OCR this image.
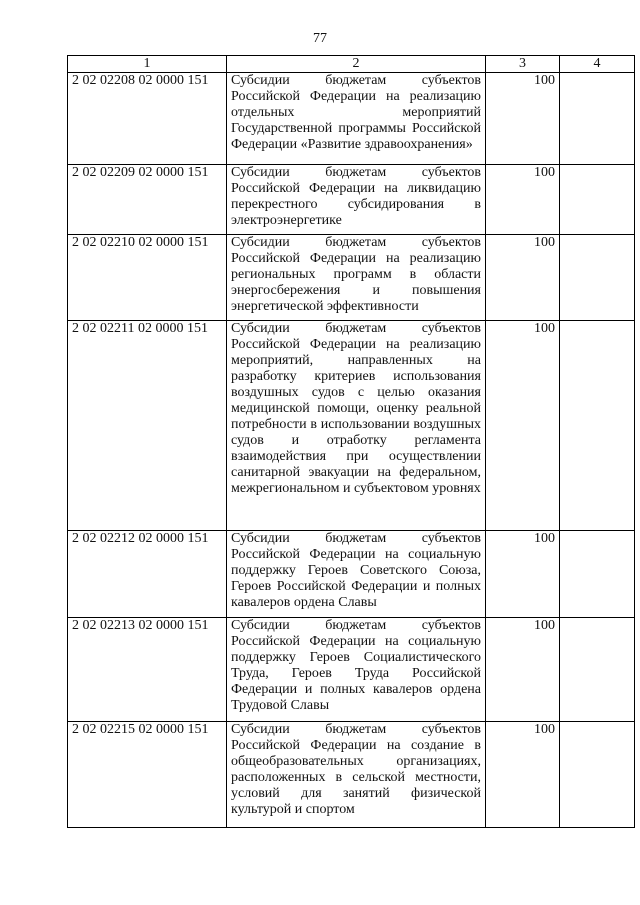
77
1	2	3	4
2 02 02208 02 0000 151	Субсидии бюджетам субъектов Российской Федерации на реализацию отдельных мероприятий Государственной программы Российской Федерации «Развитие здравоохранения»	100	
2 02 02209 02 0000 151	Субсидии бюджетам субъектов Российской Федерации на ликвидацию перекрестного субсидирования в электроэнергетике	100	
2 02 02210 02 0000 151	Субсидии бюджетам субъектов Российской Федерации на реализацию региональных программ в области энергосбережения и повышения энергетической эффективности	100	
2 02 02211 02 0000 151	Субсидии бюджетам субъектов Российской Федерации на реализацию мероприятий, направленных на разработку критериев использования воздушных судов с целью оказания медицинской помощи, оценку реальной потребности в использовании воздушных судов и отработку регламента взаимодействия при осуществлении санитарной эвакуации на федеральном, межрегиональном и субъектовом уровнях	100	
2 02 02212 02 0000 151	Субсидии бюджетам субъектов Российской Федерации на социальную поддержку Героев Советского Союза, Героев Российской Федерации и полных кавалеров ордена Славы	100	
2 02 02213 02 0000 151	Субсидии бюджетам субъектов Российской Федерации на социальную поддержку Героев Социалистического Труда, Героев Труда Российской Федерации и полных кавалеров ордена Трудовой Славы	100	
2 02 02215 02 0000 151	Субсидии бюджетам субъектов Российской Федерации на создание в общеобразовательных организациях, расположенных в сельской местности, условий для занятий физической культурой и спортом	100	
